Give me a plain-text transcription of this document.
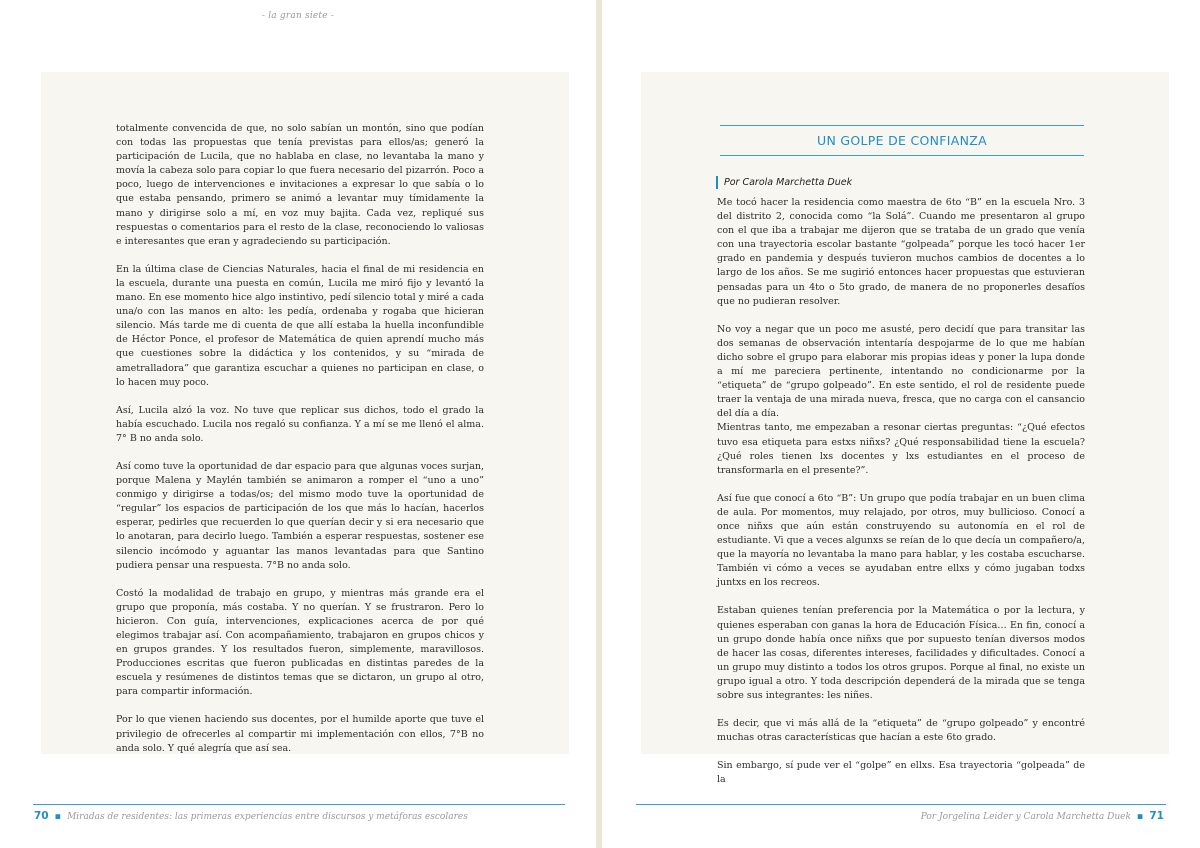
- la gran siete -

totalmente convencida de que, no solo sabían un montón, sino que podían con todas las propuestas que tenía previstas para ellos/as; generó la participación de Lucila, que no hablaba en clase, no levantaba la mano y movía la cabeza solo para copiar lo que fuera necesario del pizarrón. Poco a poco, luego de intervenciones e invitaciones a expresar lo que sabía o lo que estaba pensando, primero se animó a levantar muy tímidamente la mano y dirigirse solo a mí, en voz muy bajita. Cada vez, repliqué sus respuestas o comentarios para el resto de la clase, reconociendo lo valiosas e interesantes que eran y agradeciendo su participación.

En la última clase de Ciencias Naturales, hacia el final de mi residencia en la escuela, durante una puesta en común, Lucila me miró fijo y levantó la mano. En ese momento hice algo instintivo, pedí silencio total y miré a cada una/o con las manos en alto: les pedía, ordenaba y rogaba que hicieran silencio. Más tarde me di cuenta de que allí estaba la huella inconfundible de Héctor Ponce, el profesor de Matemática de quien aprendí mucho más que cuestiones sobre la didáctica y los contenidos, y su “mirada de ametralladora” que garantiza escuchar a quienes no participan en clase, o lo hacen muy poco.

Así, Lucila alzó la voz. No tuve que replicar sus dichos, todo el grado la había escuchado. Lucila nos regaló su confianza. Y a mí se me llenó el alma. 7° B no anda solo.

Así como tuve la oportunidad de dar espacio para que algunas voces surjan, porque Malena y Maylén también se animaron a romper el “uno a uno” conmigo y dirigirse a todas/os; del mismo modo tuve la oportunidad de “regular” los espacios de participación de los que más lo hacían, hacerlos esperar, pedirles que recuerden lo que querían decir y si era necesario que lo anotaran, para decirlo luego. También a esperar respuestas, sostener ese silencio incómodo y aguantar las manos levantadas para que Santino pudiera pensar una respuesta. 7°B no anda solo.

Costó la modalidad de trabajo en grupo, y mientras más grande era el grupo que proponía, más costaba. Y no querían. Y se frustraron. Pero lo hicieron. Con guía, intervenciones, explicaciones acerca de por qué elegimos trabajar así. Con acompañamiento, trabajaron en grupos chicos y en grupos grandes. Y los resultados fueron, simplemente, maravillosos. Producciones escritas que fueron publicadas en distintas paredes de la escuela y resúmenes de distintos temas que se dictaron, un grupo al otro, para compartir información.

Por lo que vienen haciendo sus docentes, por el humilde aporte que tuve el privilegio de ofrecerles al compartir mi implementación con ellos, 7°B no anda solo. Y qué alegría que así sea.

70 ▪ Miradas de residentes: las primeras experiencias entre discursos y metáforas escolares
UN GOLPE DE CONFIANZA
Por Carola Marchetta Duek

Me tocó hacer la residencia como maestra de 6to “B” en la escuela Nro. 3 del distrito 2, conocida como “la Solá”. Cuando me presentaron al grupo con el que iba a trabajar me dijeron que se trataba de un grado que venía con una trayectoria escolar bastante “golpeada” porque les tocó hacer 1er grado en pandemia y después tuvieron muchos cambios de docentes a lo largo de los años. Se me sugirió entonces hacer propuestas que estuvieran pensadas para un 4to o 5to grado, de manera de no proponerles desafíos que no pudieran resolver.

No voy a negar que un poco me asusté, pero decidí que para transitar las dos semanas de observación intentaría despojarme de lo que me habían dicho sobre el grupo para elaborar mis propias ideas y poner la lupa donde a mí me pareciera pertinente, intentando no condicionarme por la “etiqueta” de “grupo golpeado”. En este sentido, el rol de residente puede traer la ventaja de una mirada nueva, fresca, que no carga con el cansancio del día a día.

Mientras tanto, me empezaban a resonar ciertas preguntas: “¿Qué efectos tuvo esa etiqueta para estxs niñxs? ¿Qué responsabilidad tiene la escuela? ¿Qué roles tienen lxs docentes y lxs estudiantes en el proceso de transformarla en el presente?”.

Así fue que conocí a 6to “B”: Un grupo que podía trabajar en un buen clima de aula. Por momentos, muy relajado, por otros, muy bullicioso. Conocí a once niñxs que aún están construyendo su autonomía en el rol de estudiante. Vi que a veces algunxs se reían de lo que decía un compañero/a, que la mayoría no levantaba la mano para hablar, y les costaba escucharse. También vi cómo a veces se ayudaban entre ellxs y cómo jugaban todxs juntxs en los recreos.

Estaban quienes tenían preferencia por la Matemática o por la lectura, y quienes esperaban con ganas la hora de Educación Física… En fin, conocí a un grupo donde había once niñxs que por supuesto tenían diversos modos de hacer las cosas, diferentes intereses, facilidades y dificultades. Conocí a un grupo muy distinto a todos los otros grupos. Porque al final, no existe un grupo igual a otro. Y toda descripción dependerá de la mirada que se tenga sobre sus integrantes: les niñes.

Es decir, que vi más allá de la “etiqueta” de “grupo golpeado” y encontré muchas otras características que hacían a este 6to grado.

Sin embargo, sí pude ver el “golpe” en ellxs. Esa trayectoria “golpeada” de la

Por Jorgelina Leider y Carola Marchetta Duek ▪ 71
